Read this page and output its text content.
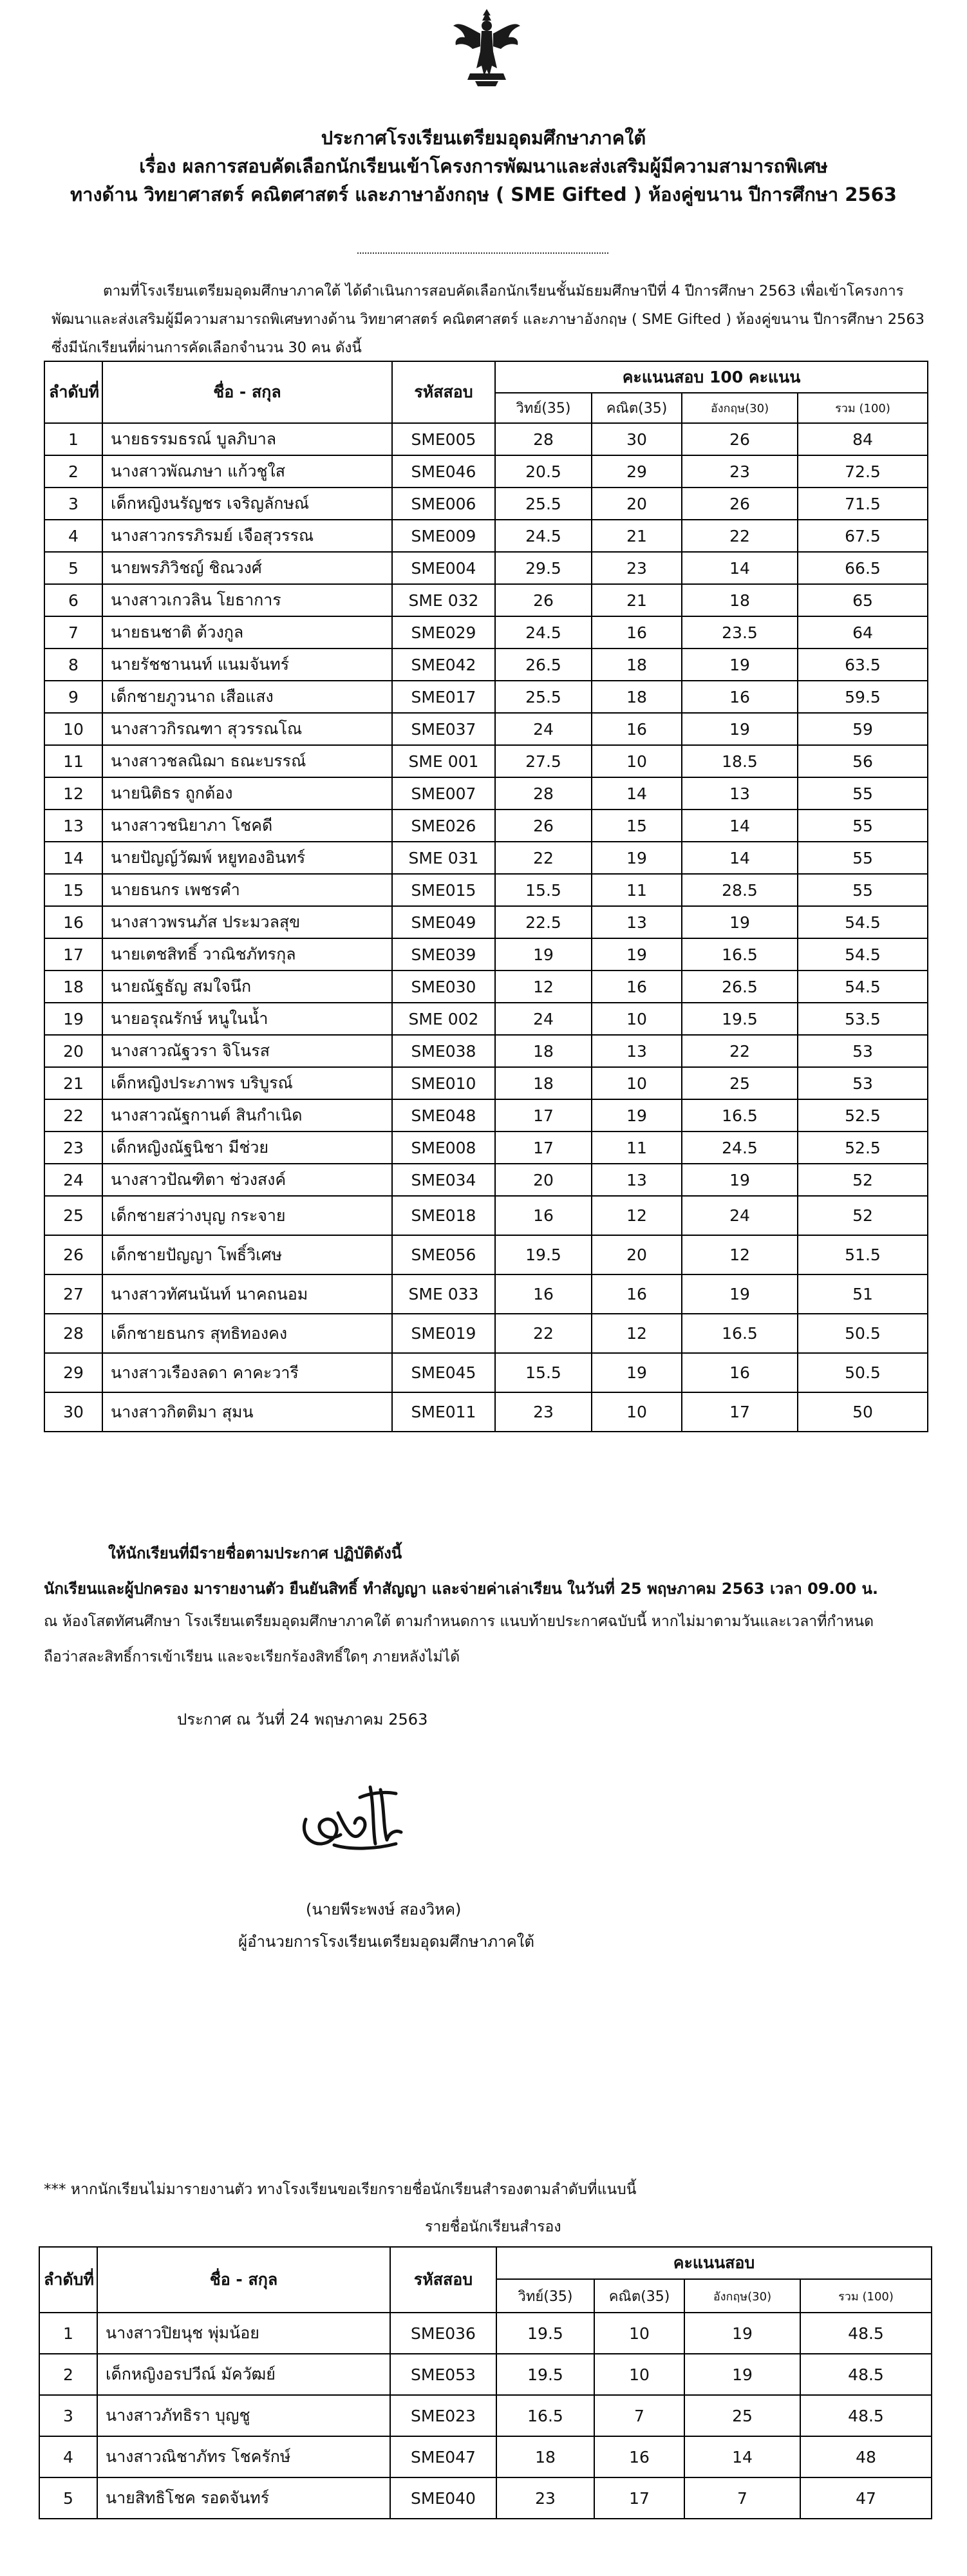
ประกาศโรงเรียนเตรียมอุดมศึกษาภาคใต้
เรื่อง ผลการสอบคัดเลือกนักเรียนเข้าโครงการพัฒนาและส่งเสริมผู้มีความสามารถพิเศษ
ทางด้าน วิทยาศาสตร์ คณิตศาสตร์ และภาษาอังกฤษ ( SME Gifted ) ห้องคู่ขนาน ปีการศึกษา 2563
ตามที่โรงเรียนเตรียมอุดมศึกษาภาคใต้ ได้ดำเนินการสอบคัดเลือกนักเรียนชั้นมัธยมศึกษาปีที่ 4 ปีการศึกษา 2563 เพื่อเข้าโครงการ
พัฒนาและส่งเสริมผู้มีความสามารถพิเศษทางด้าน วิทยาศาสตร์ คณิตศาสตร์ และภาษาอังกฤษ ( SME Gifted ) ห้องคู่ขนาน ปีการศึกษา 2563
ซึ่งมีนักเรียนที่ผ่านการคัดเลือกจำนวน 30 คน ดังนี้
ลำดับที่	ชื่อ - สกุล	รหัสสอบ	คะแนนสอบ 100 คะแนน			
			วิทย์(35)	คณิต(35)	อังกฤษ(30)	รวม (100)
1	นายธรรมธรณ์ บูลภิบาล	SME005	28	30	26	84
2	นางสาวพัณภษา แก้วชูใส	SME046	20.5	29	23	72.5
3	เด็กหญิงนรัญชร เจริญลักษณ์	SME006	25.5	20	26	71.5
4	นางสาวกรรภิรมย์ เจือสุวรรณ	SME009	24.5	21	22	67.5
5	นายพรภิวิชญ์ ชิณวงศ์	SME004	29.5	23	14	66.5
6	นางสาวเกวลิน โยธาการ	SME 032	26	21	18	65
7	นายธนชาติ ต้วงกูล	SME029	24.5	16	23.5	64
8	นายรัชชานนท์ แนมจันทร์	SME042	26.5	18	19	63.5
9	เด็กชายภูวนาถ เสือแสง	SME017	25.5	18	16	59.5
10	นางสาวกิรณฑา สุวรรณโณ	SME037	24	16	19	59
11	นางสาวชลณิฌา ธณะบรรณ์	SME 001	27.5	10	18.5	56
12	นายนิติธร ถูกต้อง	SME007	28	14	13	55
13	นางสาวชนิยาภา โชคดี	SME026	26	15	14	55
14	นายปัญญ์วัฒพ์ หยูทองอินทร์	SME 031	22	19	14	55
15	นายธนกร เพชรคำ	SME015	15.5	11	28.5	55
16	นางสาวพรนภัส ประมวลสุข	SME049	22.5	13	19	54.5
17	นายเตชสิทธิ์ วาณิชภัทรกุล	SME039	19	19	16.5	54.5
18	นายณัฐธัญ สมใจนึก	SME030	12	16	26.5	54.5
19	นายอรุณรักษ์ หนูในน้ำ	SME 002	24	10	19.5	53.5
20	นางสาวณัฐวรา จิโนรส	SME038	18	13	22	53
21	เด็กหญิงประภาพร บริบูรณ์	SME010	18	10	25	53
22	นางสาวณัฐกานต์ สินกำเนิด	SME048	17	19	16.5	52.5
23	เด็กหญิงณัฐนิชา มีช่วย	SME008	17	11	24.5	52.5
24	นางสาวปัณฑิตา ช่วงสงค์	SME034	20	13	19	52
25	เด็กชายสว่างบุญ กระจาย	SME018	16	12	24	52
26	เด็กชายปัญญา โพธิ์วิเศษ	SME056	19.5	20	12	51.5
27	นางสาวทัศนนันท์ นาคถนอม	SME 033	16	16	19	51
28	เด็กชายธนกร สุทธิทองคง	SME019	22	12	16.5	50.5
29	นางสาวเรืองลดา คาคะวารี	SME045	15.5	19	16	50.5
30	นางสาวกิตติมา สุมน	SME011	23	10	17	50
ให้นักเรียนที่มีรายชื่อตามประกาศ ปฏิบัติดังนี้
นักเรียนและผู้ปกครอง มารายงานตัว ยืนยันสิทธิ์ ทำสัญญา และจ่ายค่าเล่าเรียน ในวันที่ 25 พฤษภาคม 2563 เวลา 09.00 น.
ณ ห้องโสตทัศนศึกษา โรงเรียนเตรียมอุดมศึกษาภาคใต้ ตามกำหนดการ แนบท้ายประกาศฉบับนี้ หากไม่มาตามวันและเวลาที่กำหนด
ถือว่าสละสิทธิ์การเข้าเรียน และจะเรียกร้องสิทธิ์ใดๆ ภายหลังไม่ได้
ประกาศ ณ วันที่ 24 พฤษภาคม 2563
(นายพีระพงษ์ สองวิหค)
ผู้อำนวยการโรงเรียนเตรียมอุดมศึกษาภาคใต้
*** หากนักเรียนไม่มารายงานตัว ทางโรงเรียนขอเรียกรายชื่อนักเรียนสำรองตามลำดับที่แนบนี้
รายชื่อนักเรียนสำรอง
ลำดับที่	ชื่อ - สกุล	รหัสสอบ	คะแนนสอบ			
			วิทย์(35)	คณิต(35)	อังกฤษ(30)	รวม (100)
1	นางสาวปิยนุช พุ่มน้อย	SME036	19.5	10	19	48.5
2	เด็กหญิงอรปวีณ์ มัควัฒย์	SME053	19.5	10	19	48.5
3	นางสาวภัทธิรา บุญชู	SME023	16.5	7	25	48.5
4	นางสาวณิชาภัทร โชครักษ์	SME047	18	16	14	48
5	นายสิทธิโชค รอดจันทร์	SME040	23	17	7	47
